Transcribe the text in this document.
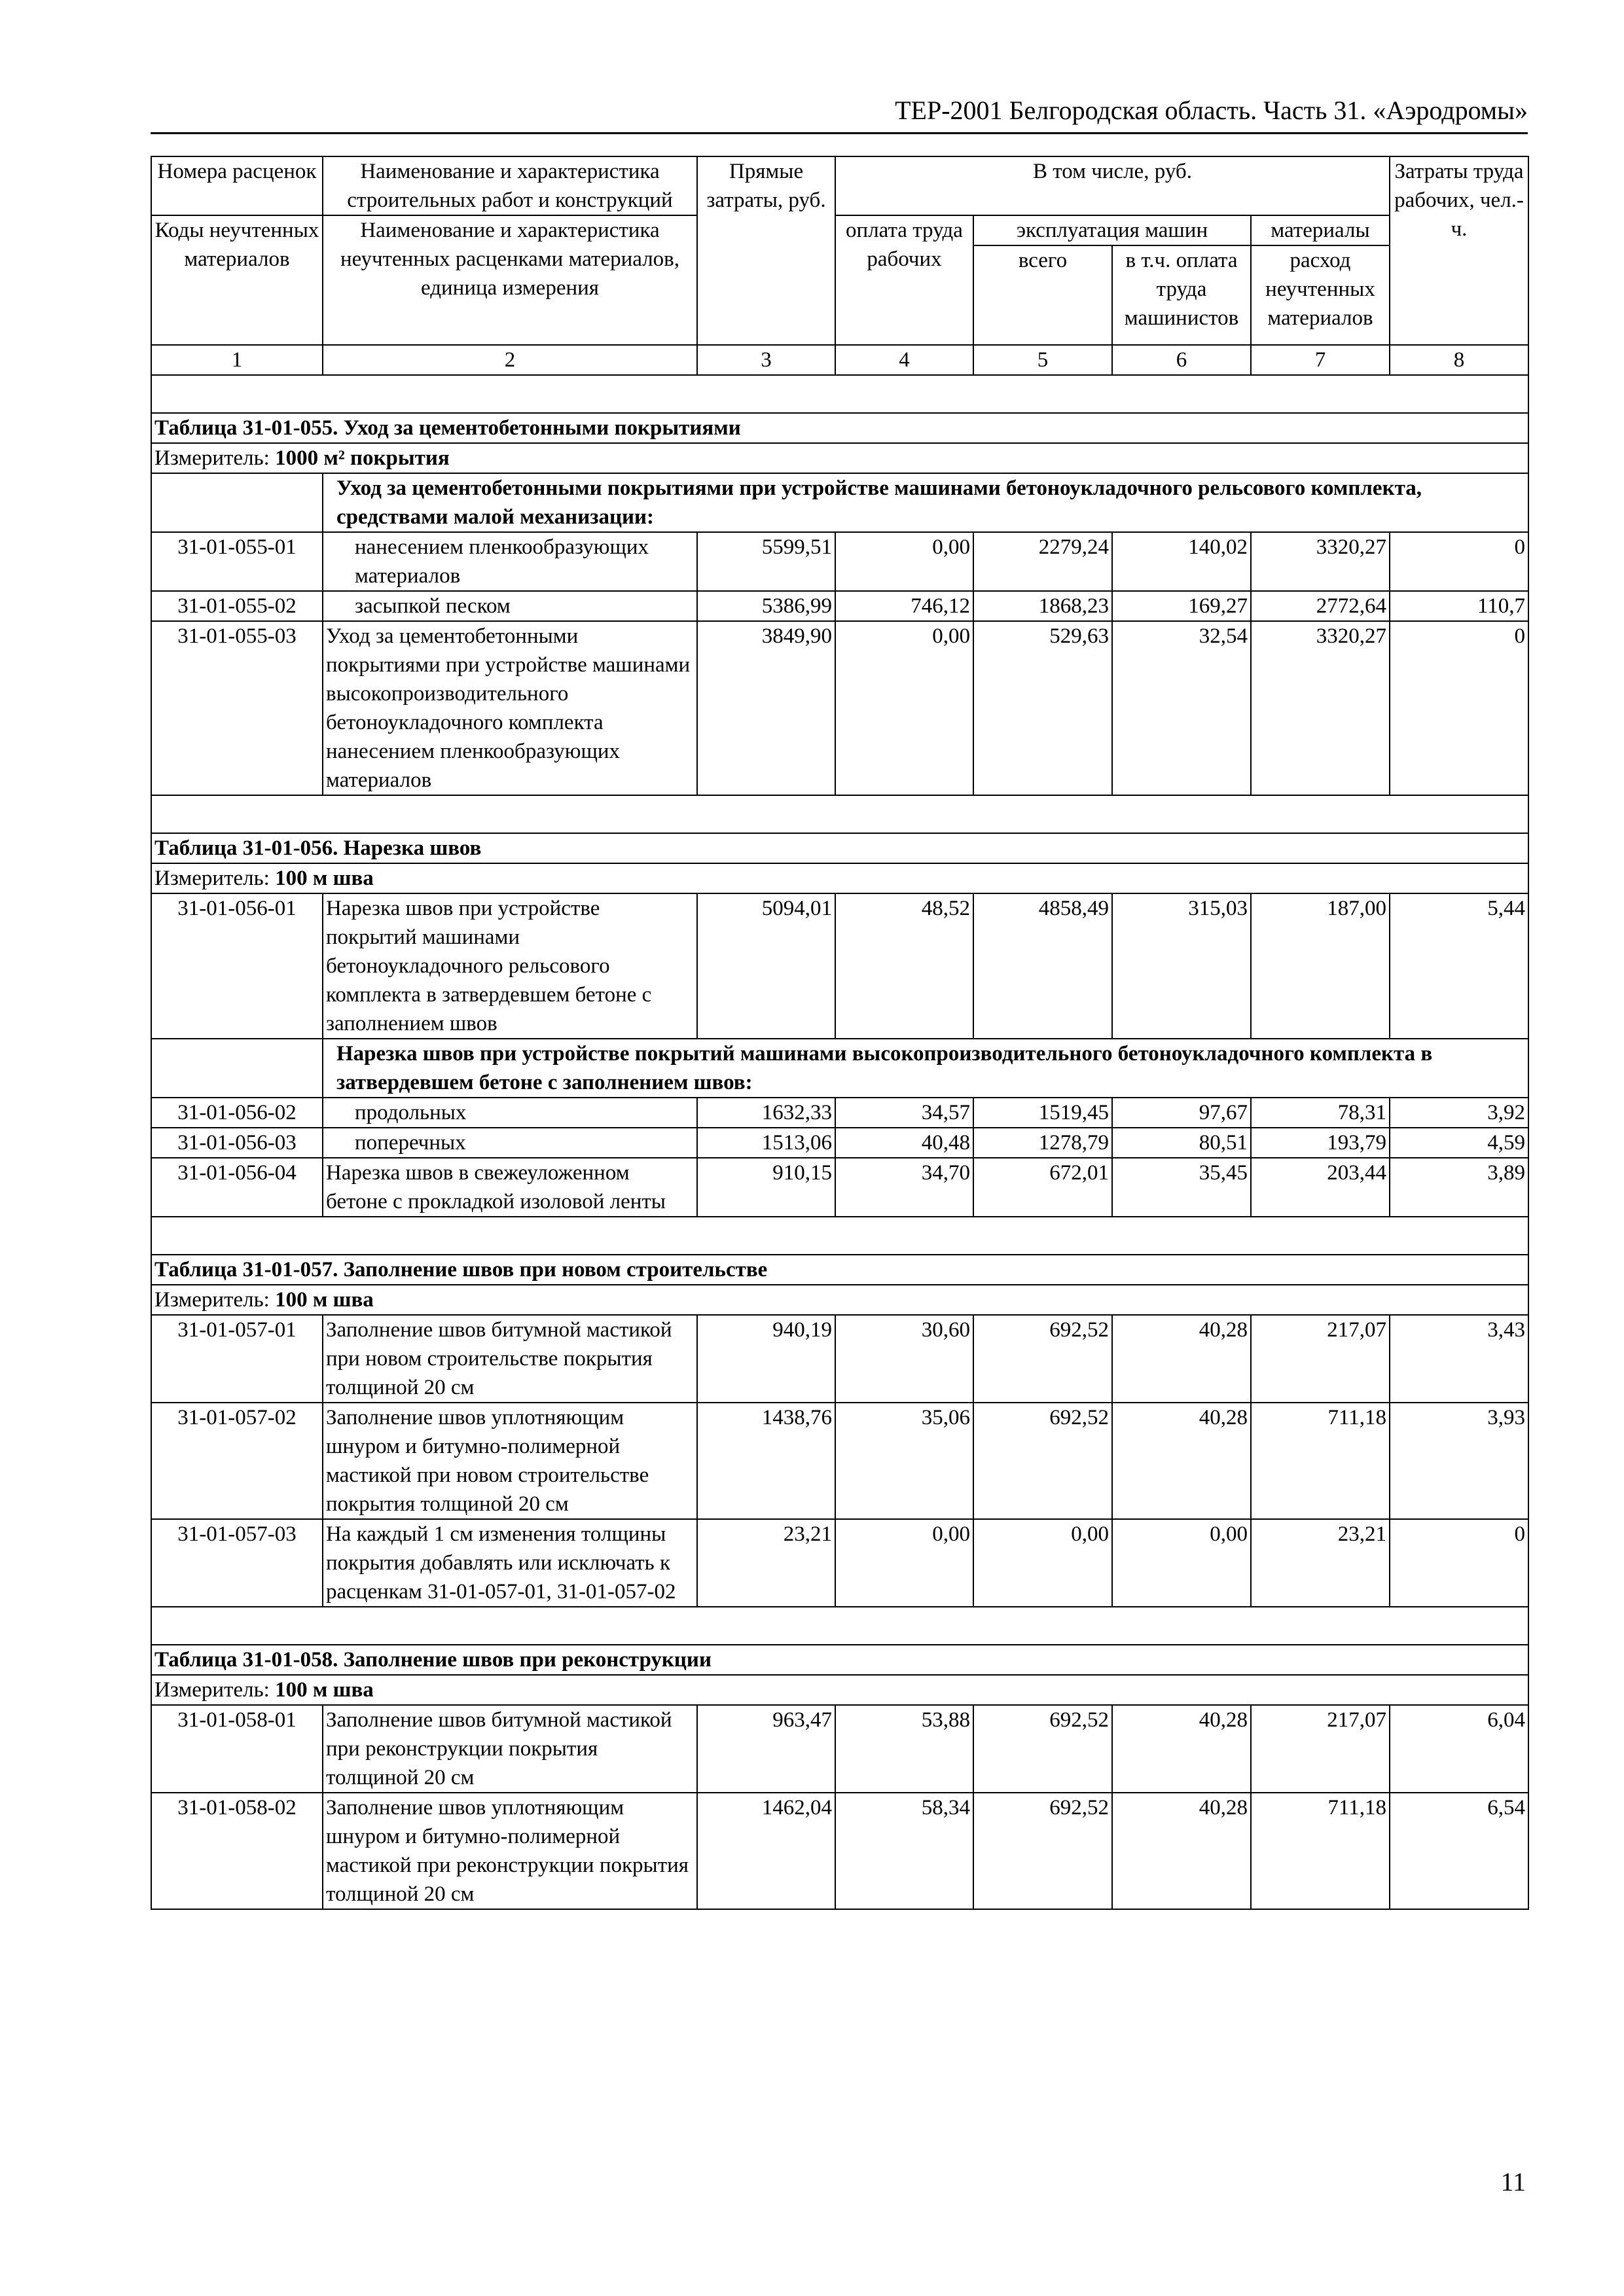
ТЕР-2001 Белгородская область. Часть 31. «Аэродромы»
Номера расценок	Наименование и характеристика строительных работ и конструкций	Прямые затраты, руб.	В том числе, руб.				Затраты труда рабочих, чел.-ч.
Коды неучтенных материалов	Наименование и характеристика неучтенных расценками материалов, единица измерения		оплата труда рабочих	эксплуатация машин		материалы	
				всего	в т.ч. оплата труда машинистов	расход неучтенных материалов	

1	2	3	4	5	6	7	8

Таблица 31-01-055. Уход за цементобетонными покрытиями							
Измеритель: 1000 м² покрытия							
	Уход за цементобетонными покрытиями при устройстве машинами бетоноукладочного рельсового комплекта, средствами малой механизации:						
31-01-055-01	нанесением пленкообразующих материалов	5599,51	0,00	2279,24	140,02	3320,27	0
31-01-055-02	засыпкой песком	5386,99	746,12	1868,23	169,27	2772,64	110,7
31-01-055-03	Уход за цементобетонными покрытиями при устройстве машинами высокопроизводительного бетоноукладочного комплекта нанесением пленкообразующих материалов	3849,90	0,00	529,63	32,54	3320,27	0

Таблица 31-01-056. Нарезка швов							
Измеритель: 100 м шва							
31-01-056-01	Нарезка швов при устройстве покрытий машинами бетоноукладочного рельсового комплекта в затвердевшем бетоне с заполнением швов	5094,01	48,52	4858,49	315,03	187,00	5,44
	Нарезка швов при устройстве покрытий машинами высокопроизводительного бетоноукладочного комплекта в затвердевшем бетоне с заполнением швов:						
31-01-056-02	продольных	1632,33	34,57	1519,45	97,67	78,31	3,92
31-01-056-03	поперечных	1513,06	40,48	1278,79	80,51	193,79	4,59
31-01-056-04	Нарезка швов в свежеуложенном бетоне с прокладкой изоловой ленты	910,15	34,70	672,01	35,45	203,44	3,89

Таблица 31-01-057. Заполнение швов при новом строительстве							
Измеритель: 100 м шва							
31-01-057-01	Заполнение швов битумной мастикой при новом строительстве покрытия толщиной 20 см	940,19	30,60	692,52	40,28	217,07	3,43
31-01-057-02	Заполнение швов уплотняющим шнуром и битумно-полимерной мастикой при новом строительстве покрытия толщиной 20 см	1438,76	35,06	692,52	40,28	711,18	3,93
31-01-057-03	На каждый 1 см изменения толщины покрытия добавлять или исключать к расценкам 31-01-057-01, 31-01-057-02	23,21	0,00	0,00	0,00	23,21	0

Таблица 31-01-058. Заполнение швов при реконструкции							
Измеритель: 100 м шва							
31-01-058-01	Заполнение швов битумной мастикой при реконструкции покрытия толщиной 20 см	963,47	53,88	692,52	40,28	217,07	6,04
31-01-058-02	Заполнение швов уплотняющим шнуром и битумно-полимерной мастикой при реконструкции покрытия толщиной 20 см	1462,04	58,34	692,52	40,28	711,18	6,54
11
